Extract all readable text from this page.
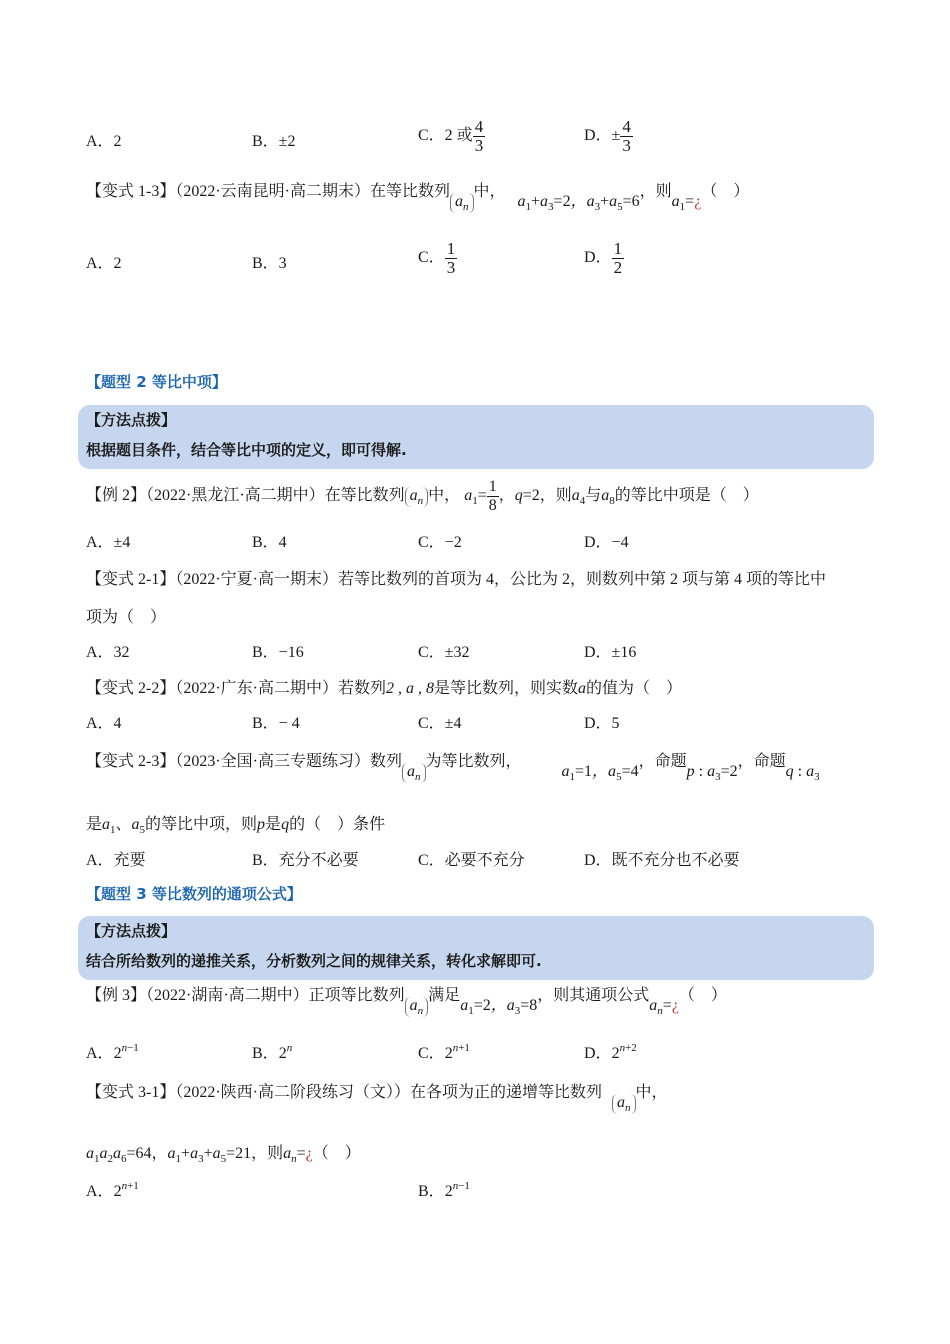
A．2	B．±2	C．2 或 $\frac{4}{3}$	D．± $\frac{4}{3}$
【变式 1-3】（2022·云南昆明·高二期末）在等比数列$a_n$中， $a_1+a_3=2$，$a_3+a_5=6$，则$a_1=¿$（　）
A．2	B．3	C． $\frac{1}{3}$	D． $\frac{1}{2}$
【题型 2 等比中项】
【方法点拨】
根据题目条件，结合等比中项的定义，即可得解.
【例 2】（2022·黑龙江·高二期中）在等比数列 $a_n$ 中， $a_1= \frac{1}{8}$ ，q=2，则$a_4$与$a_8$的等比中项是（　）
A．±4	B．4	C．−2	D．−4
【变式 2-1】（2022·宁夏·高一期末）若等比数列的首项为 4，公比为 2，则数列中第 2 项与第 4 项的等比中
项为（　）
A．32	B．−16	C．±32	D．±16
【变式 2-2】（2022·广东·高二期中）若数列2 , a , 8是等比数列，则实数a的值为（　）
A．4	B．− 4	C．±4	D．5
【变式 2-3】（2023·全国·高三专题练习）数列$a_n$为等比数列， $a_1=1$，$a_5=4$，命题p : $a_3=2$，命题q : $a_3$
是$a_1$、$a_5$的等比中项，则p是q的（　）条件
A．充要	B．充分不必要	C．必要不充分	D．既不充分也不必要
【题型 3 等比数列的通项公式】
【方法点拨】
结合所给数列的递推关系，分析数列之间的规律关系，转化求解即可.
【例 3】（2022·湖南·高二期中）正项等比数列$a_n$满足$a_1=2$，$a_3=8$，则其通项公式$a_n=¿$（　）
A．$2^{n-1}$	B．2$^n$	C．$2^{n+1}$	D．$2^{n+2}$
【变式 3-1】（2022·陕西·高二阶段练习（文））在各项为正的递增等比数列$a_n$中，
$a_1a_2a_6=64$，$a_1+a_3+a_5=21$，则$a_n=¿$（　）
A．$2^{n+1}$	B．$2^{n-1}$
